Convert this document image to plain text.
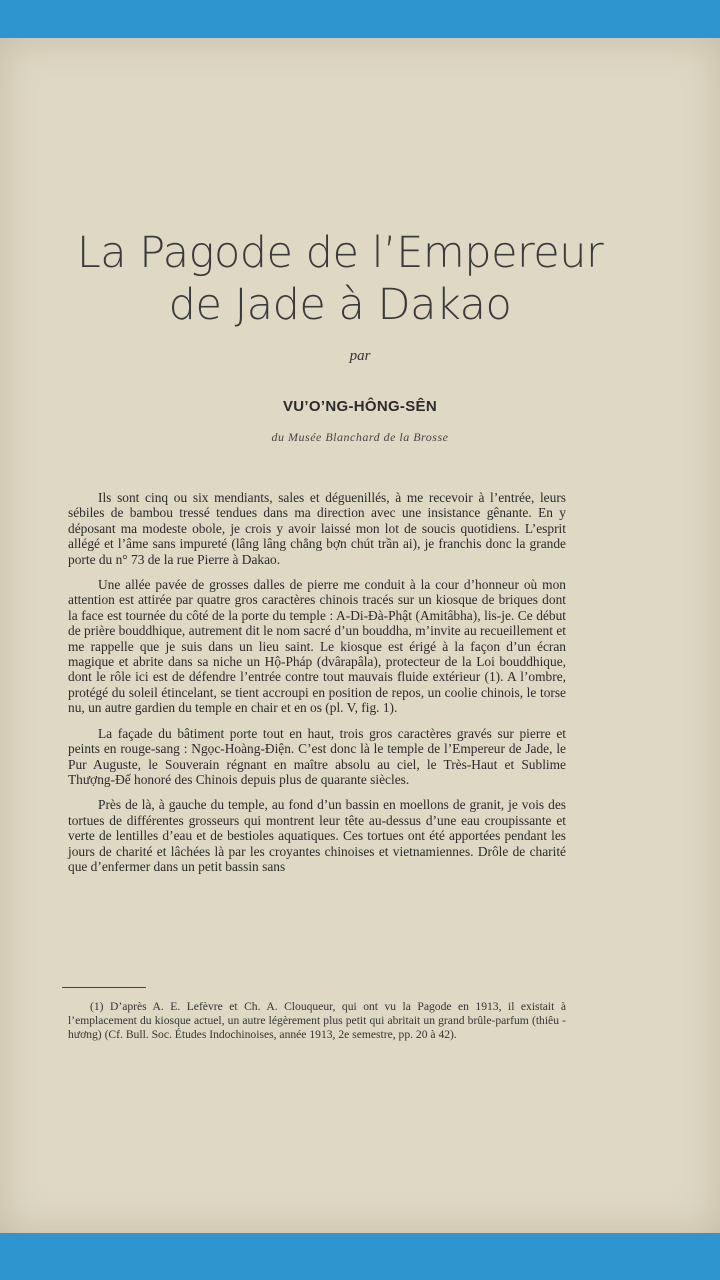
La Pagode de l’Empereur
de Jade à Dakao
par
VU’O’NG-HÔNG-SÊN
du Musée Blanchard de la Brosse

Ils sont cinq ou six mendiants, sales et déguenillés, à me recevoir à l’entrée, leurs sébiles de bambou tressé tendues dans ma direction avec une insistance gênante. En y déposant ma modeste obole, je crois y avoir laissé mon lot de soucis quotidiens. L’esprit allégé et l’âme sans impureté (lâng lâng chẳng bợn chút trần ai), je franchis donc la grande porte du n° 73 de la rue Pierre à Dakao.

Une allée pavée de grosses dalles de pierre me conduit à la cour d’honneur où mon attention est attirée par quatre gros caractères chinois tracés sur un kiosque de briques dont la face est tournée du côté de la porte du temple : A-Di-Đà-Phật (Amitâbha), lis-je. Ce début de prière bouddhique, autrement dit le nom sacré d’un bouddha, m’invite au recueillement et me rappelle que je suis dans un lieu saint. Le kiosque est érigé à la façon d’un écran magique et abrite dans sa niche un Hộ-Pháp (dvârapâla), protecteur de la Loi bouddhique, dont le rôle ici est de défendre l’entrée contre tout mauvais fluide extérieur (1). A l’ombre, protégé du soleil étincelant, se tient accroupi en position de repos, un coolie chinois, le torse nu, un autre gardien du temple en chair et en os (pl. V, fig. 1).

La façade du bâtiment porte tout en haut, trois gros caractères gravés sur pierre et peints en rouge-sang : Ngọc-Hoàng-Điện. C’est donc là le temple de l’Empereur de Jade, le Pur Auguste, le Souverain régnant en maître absolu au ciel, le Très-Haut et Sublime Thượng-Đế honoré des Chinois depuis plus de quarante siècles.

Près de là, à gauche du temple, au fond d’un bassin en moellons de granit, je vois des tortues de différentes grosseurs qui montrent leur tête au-dessus d’une eau croupissante et verte de lentilles d’eau et de bestioles aquatiques. Ces tortues ont été apportées pendant les jours de charité et lâchées là par les croyantes chinoises et vietnamiennes. Drôle de charité que d’enfermer dans un petit bassin sans

(1) D’après A. E. Lefèvre et Ch. A. Clouqueur, qui ont vu la Pagode en 1913, il existait à l’emplacement du kiosque actuel, un autre légèrement plus petit qui abritait un grand brûle-parfum (thiêu - hương) (Cf. Bull. Soc. Études Indochinoises, année 1913, 2e semestre, pp. 20 à 42).
